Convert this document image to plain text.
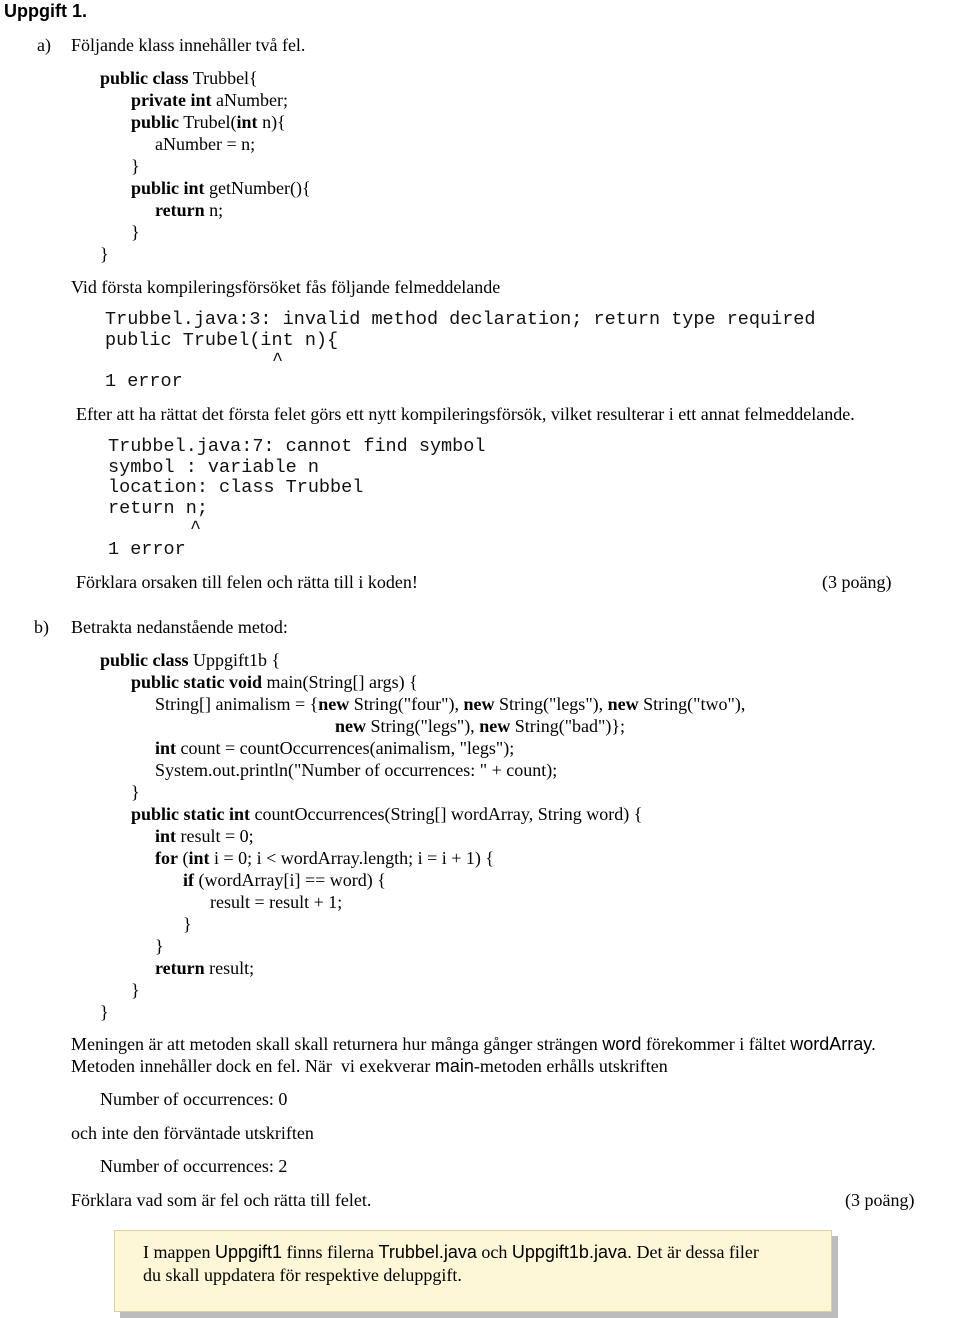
Uppgift 1.
a) Följande klass innehåller två fel.
public class Trubbel{
private int aNumber;
public Trubel(int n){
aNumber = n;
}
public int getNumber(){
return n;
}
}
Vid första kompileringsförsöket fås följande felmeddelande
Trubbel.java:3: invalid method declaration; return type required
public Trubel(int n){
^
1 error
Efter att ha rättat det första felet görs ett nytt kompileringsförsök, vilket resulterar i ett annat felmeddelande.
Trubbel.java:7: cannot find symbol
symbol : variable n
location: class Trubbel
return n;
^
1 error
Förklara orsaken till felen och rätta till i koden!	(3 poäng)
b) Betrakta nedanstående metod:
public class Uppgift1b {
public static void main(String[] args) {
String[] animalism = {new String("four"), new String("legs"), new String("two"),
new String("legs"), new String("bad")};
int count = countOccurrences(animalism, "legs");
System.out.println("Number of occurrences: " + count);
}
public static int countOccurrences(String[] wordArray, String word) {
int result = 0;
for (int i = 0; i < wordArray.length; i = i + 1) {
if (wordArray[i] == word) {
result = result + 1;
}
}
return result;
}
}
Meningen är att metoden skall skall returnera hur många gånger strängen word förekommer i fältet wordArray.
Metoden innehåller dock en fel. När  vi exekverar main-metoden erhålls utskriften
Number of occurrences: 0
och inte den förväntade utskriften
Number of occurrences: 2
Förklara vad som är fel och rätta till felet.	(3 poäng)
I mappen Uppgift1 finns filerna Trubbel.java och Uppgift1b.java. Det är dessa filer
du skall uppdatera för respektive deluppgift.
